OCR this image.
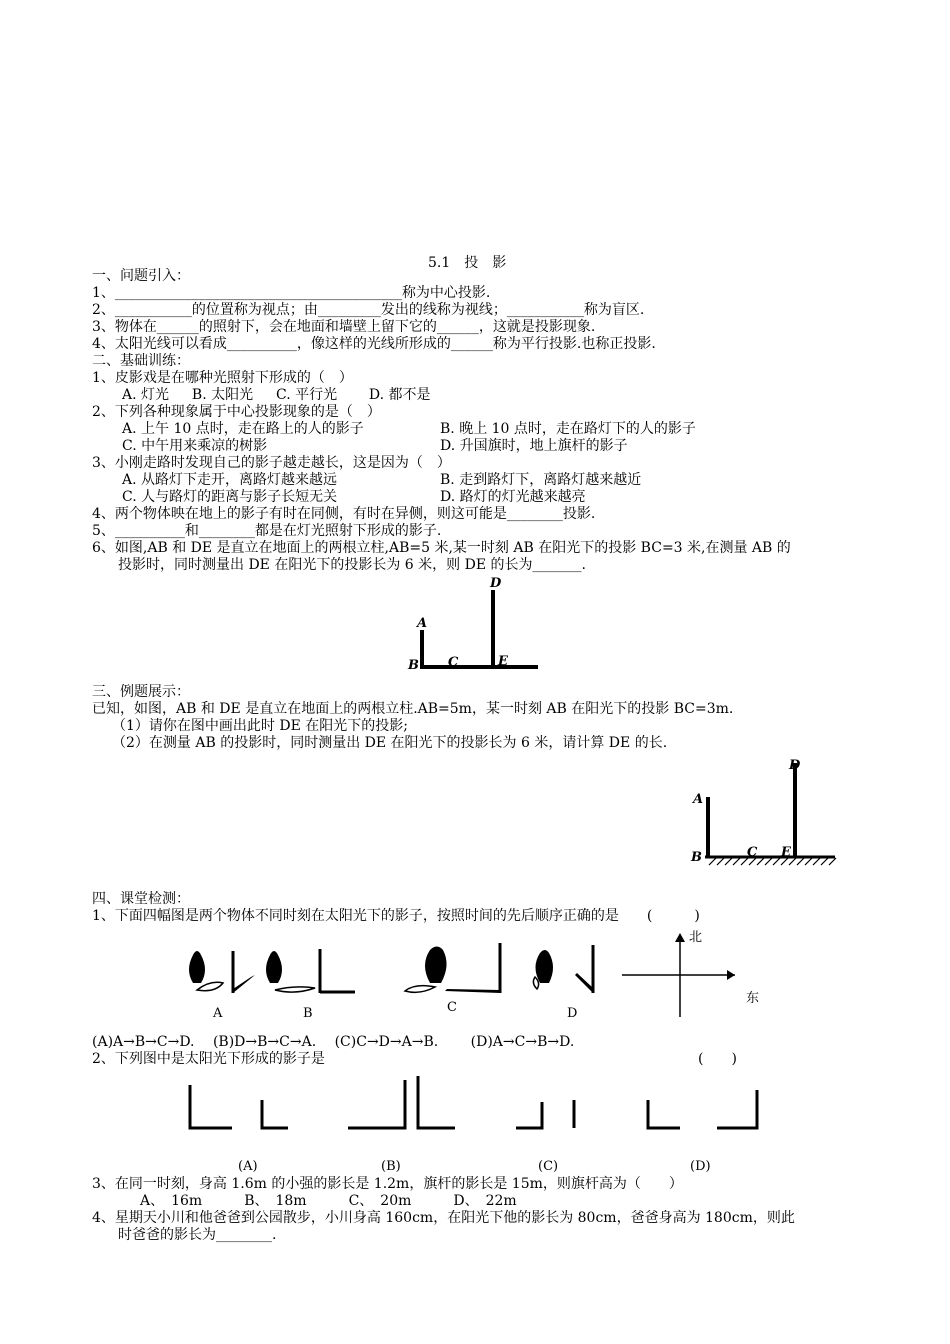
5.1　投　影
一、问题引入：
1、_________________________________________称为中心投影.
2、___________的位置称为视点；由_________发出的线称为视线；___________称为盲区.
3、物体在______的照射下，会在地面和墙壁上留下它的______，这就是投影现象.
4、太阳光线可以看成__________，像这样的光线所形成的______称为平行投影.也称正投影.
二、基础训练：
1、皮影戏是在哪种光照射下形成的（　）
A. 灯光　  B. 太阳光　  C. 平行光　    D. 都不是
2、下列各种现象属于中心投影现象的是（　）
A. 上午 10 点时，走在路上的人的影子	B. 晚上 10 点时，走在路灯下的人的影子
C. 中午用来乘凉的树影	D. 升国旗时，地上旗杆的影子
3、小刚走路时发现自己的影子越走越长，这是因为（　）
A. 从路灯下走开，离路灯越来越远	B. 走到路灯下，离路灯越来越近
C. 人与路灯的距离与影子长短无关	D. 路灯的灯光越来越亮
4、两个物体映在地上的影子有时在同侧，有时在异侧，则这可能是________投影.
5、__________和________都是在灯光照射下形成的影子.
6、如图,AB 和 DE 是直立在地面上的两根立柱,AB=5 米,某一时刻 AB 在阳光下的投影 BC=3 米,在测量 AB 的
投影时，同时测量出 DE 在阳光下的投影长为 6 米，则 DE 的长为_______.
A
B C
D
E
三、例题展示：
已知，如图，AB 和 DE 是直立在地面上的两根立柱.AB=5m，某一时刻 AB 在阳光下的投影 BC=3m.
（1）请你在图中画出此时 DE 在阳光下的投影;
（2）在测量 AB 的投影时，同时测量出 DE 在阳光下的投影长为 6 米，请计算 DE 的长.
A
B	C
D
E
四、课堂检测：
1、下面四幅图是两个物体不同时刻在太阳光下的影子，按照时间的先后顺序正确的是　　(　　　)
A	B	C	D
北
东
(A)A→B→C→D.　 (B)D→B→C→A.　 (C)C→D→A→B.　　 (D)A→C→B→D.
2、下列图中是太阳光下形成的影子是	(　　)
(A)	(B)	(C)	(D)
3、在同一时刻，身高 1.6m 的小强的影长是 1.2m，旗杆的影长是 15m，则旗杆高为（　　）
A、　16m　　　B、　18m　　　C、　20m　　　D、　22m
4、星期天小川和他爸爸到公园散步，小川身高 160cm，在阳光下他的影长为 80cm，爸爸身高为 180cm，则此
时爸爸的影长为________.
